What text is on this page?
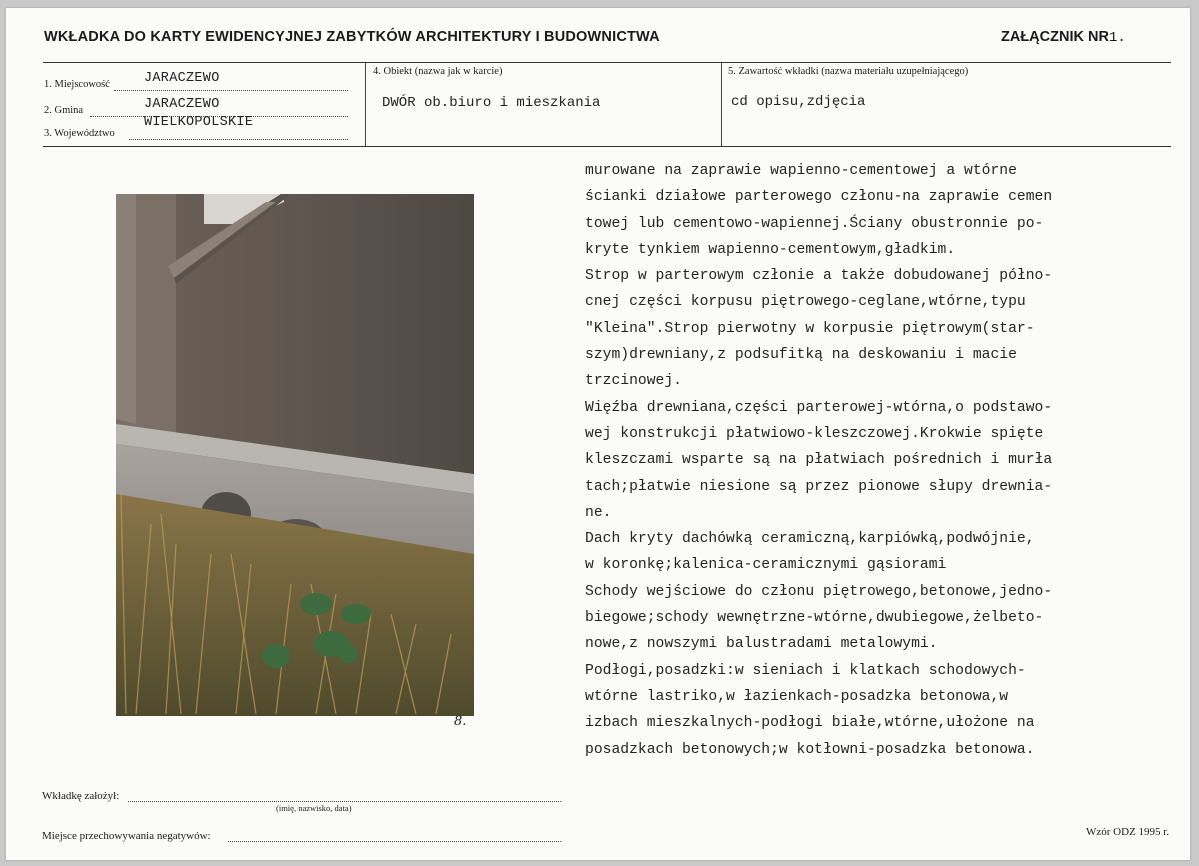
WKŁADKA DO KARTY EWIDENCYJNEJ ZABYTKÓW ARCHITEKTURY I BUDOWNICTWA	ZAŁĄCZNIK NR1.
1. Miejscowość	JARACZEWO
2. Gmina	JARACZEWO
3. Województwo
WIELKOPOLSKIE
4. Obiekt (nazwa jak w karcie)
DWÓR ob.biuro i mieszkania
5. Zawartość wkładki (nazwa materiału uzupełniającego)
cd opisu,zdjęcia
8.
murowane na zaprawie wapienno-cementowej a wtórne
ścianki działowe parterowego członu-na zaprawie cemen
towej lub cementowo-wapiennej.Ściany obustronnie po-
kryte tynkiem wapienno-cementowym,gładkim.
Strop w parterowym członie a także dobudowanej półno-
cnej części korpusu piętrowego-ceglane,wtórne,typu
"Kleina".Strop pierwotny w korpusie piętrowym(star-
szym)drewniany,z podsufitką na deskowaniu i macie
trzcinowej.
Więźba drewniana,części parterowej-wtórna,o podstawo-
wej konstrukcji płatwiowo-kleszczowej.Krokwie spięte
kleszczami wsparte są na płatwiach pośrednich i murła
tach;płatwie niesione są przez pionowe słupy drewnia-
ne.
Dach kryty dachówką ceramiczną,karpiówką,podwójnie,
w koronkę;kalenica-ceramicznymi gąsiorami
Schody wejściowe do członu piętrowego,betonowe,jedno-
biegowe;schody wewnętrzne-wtórne,dwubiegowe,żelbeto-
nowe,z nowszymi balustradami metalowymi.
Podłogi,posadzki:w sieniach i klatkach schodowych-
wtórne lastriko,w łazienkach-posadzka betonowa,w
izbach mieszkalnych-podłogi białe,wtórne,ułożone na
posadzkach betonowych;w kotłowni-posadzka betonowa.
Wkładkę założył:
(imię, nazwisko, data)
Miejsce przechowywania negatywów:	Wzór ODZ 1995 r.
